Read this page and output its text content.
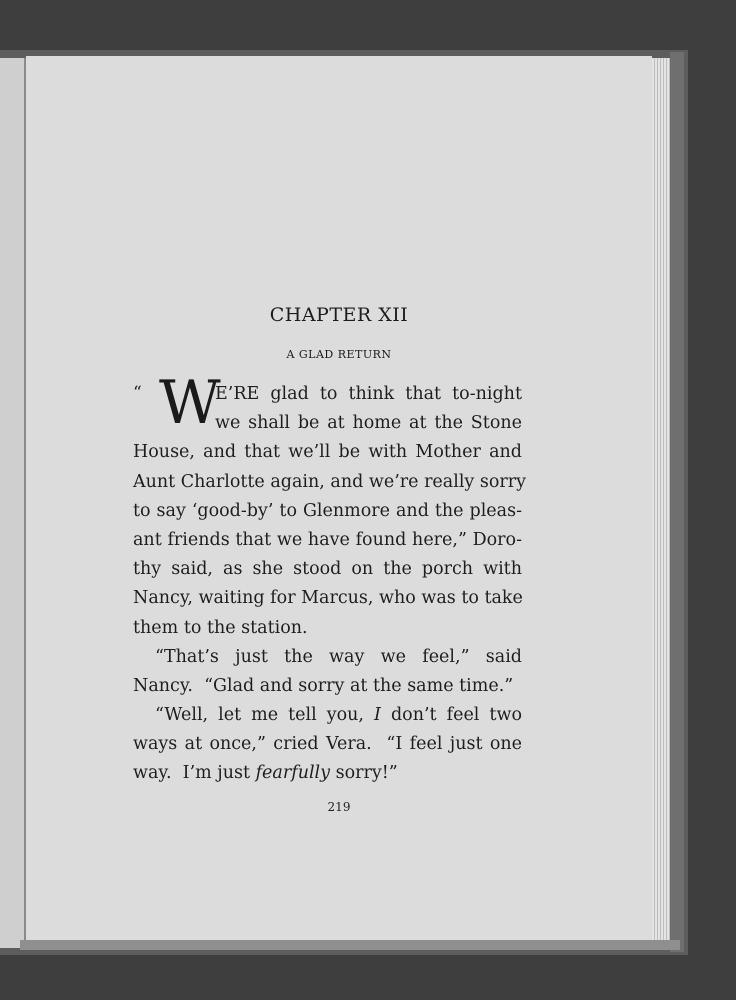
CHAPTER XII
A GLAD RETURN
“ W
E’RE glad to think that to-night
we shall be at home at the Stone
House, and that we’ll be with Mother and
Aunt Charlotte again, and we’re really sorry
to say ‘good-by’ to Glenmore and the pleas-
ant friends that we have found here,” Doro-
thy said, as she stood on the porch with
Nancy, waiting for Marcus, who was to take
them to the station.
“That’s just the way we feel,” said
Nancy.  “Glad and sorry at the same time.”
“Well, let me tell you, I don’t feel two
ways at once,” cried Vera.  “I feel just one
way.  I’m just fearfully sorry!”
219
